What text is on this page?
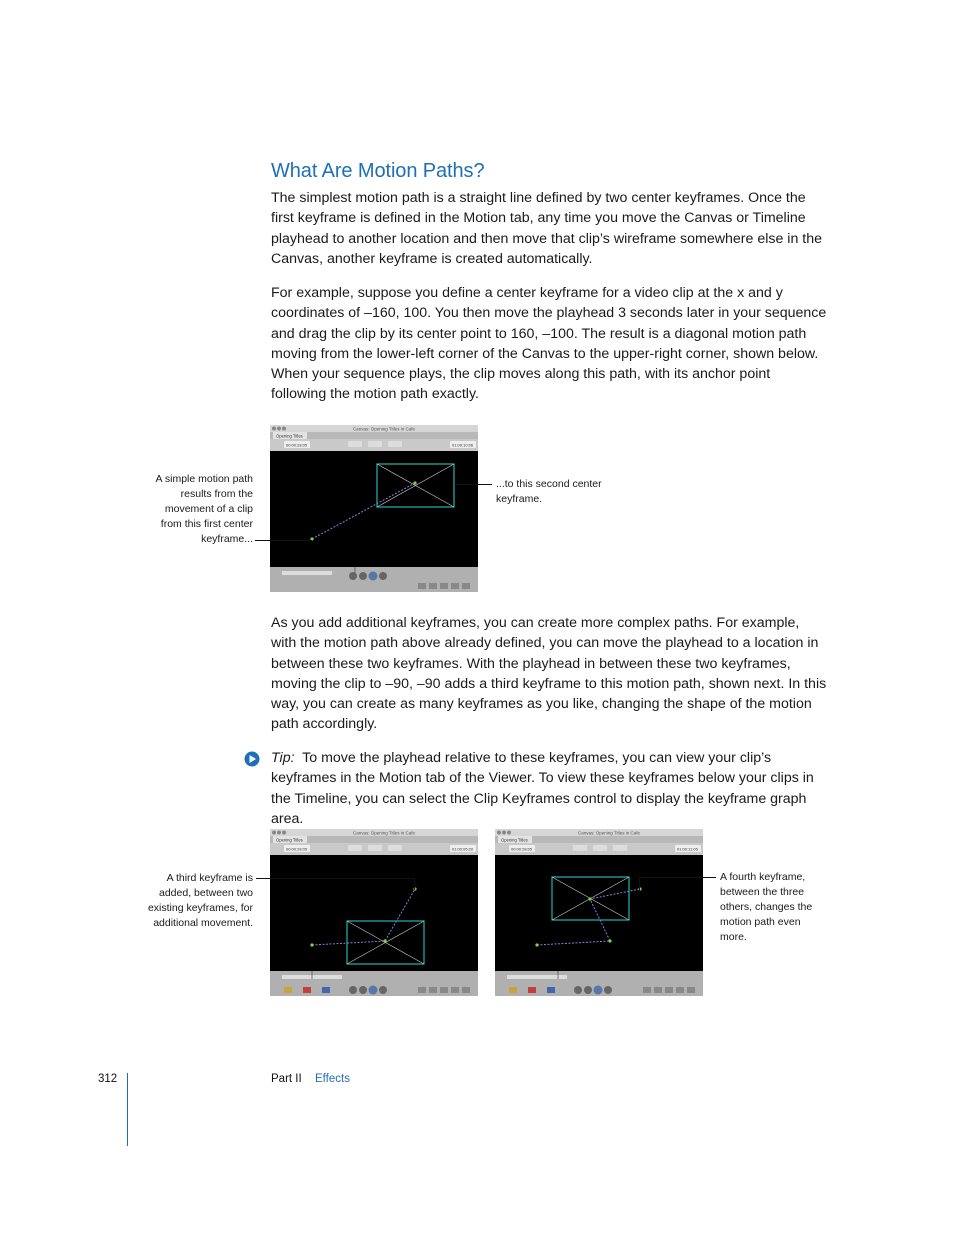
What Are Motion Paths?

The simplest motion path is a straight line defined by two center keyframes. Once the first keyframe is defined in the Motion tab, any time you move the Canvas or Timeline playhead to another location and then move that clip’s wireframe somewhere else in the Canvas, another keyframe is created automatically.

For example, suppose you define a center keyframe for a video clip at the x and y coordinates of –160, 100. You then move the playhead 3 seconds later in your sequence and drag the clip by its center point to 160, –100. The result is a diagonal motion path moving from the lower-left corner of the Canvas to the upper-right corner, shown below. When your sequence plays, the clip moves along this path, with its anchor point following the motion path exactly.

Canvas: Opening Titles in Cafe
Opening Titles
00:00:28:05	01:00:10:06
A simple motion path results from the movement of a clip from this first center keyframe...
...to this second center keyframe.

As you add additional keyframes, you can create more complex paths. For example, with the motion path above already defined, you can move the playhead to a location in between these two keyframes. With the playhead in between these two keyframes, moving the clip to –90, –90 adds a third keyframe to this motion path, shown next. In this way, you can create as many keyframes as you like, changing the shape of the motion path accordingly.

Tip: To move the playhead relative to these keyframes, you can view your clip’s keyframes in the Motion tab of the Viewer. To view these keyframes below your clips in the Timeline, you can select the Clip Keyframes control to display the keyframe graph area.

Canvas: Opening Titles in Cafe
Opening Titles
00:00:28:05	01:00:05:20
Canvas: Opening Titles in Cafe
Opening Titles
00:00:28:05	01:00:11:05
A third keyframe is added, between two existing keyframes, for additional movement.
A fourth keyframe, between the three others, changes the motion path even more.
312	Part II Effects
